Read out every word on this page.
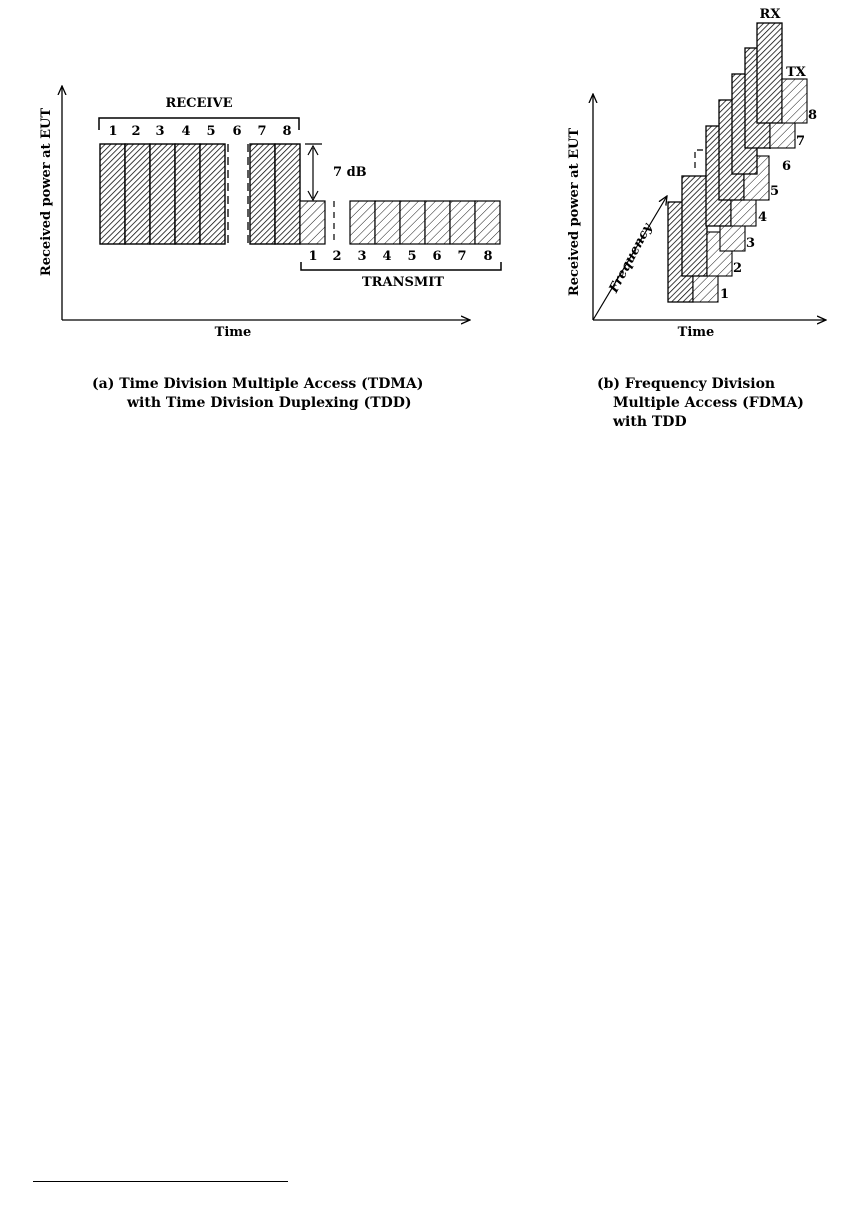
Received power at EUT
Time
RECEIVE
1 2 3 4 5 6 7 8
7 dB
1 2 3 4 5 6 7 8
TRANSMIT
(a) Time Division Multiple Access (TDMA)
with Time Division Duplexing (TDD)
Received power at EUT
Time
Frequency
RX
TX
1
2
3
4
5
6
7
8
(b) Frequency Division
Multiple Access (FDMA)
with TDD
